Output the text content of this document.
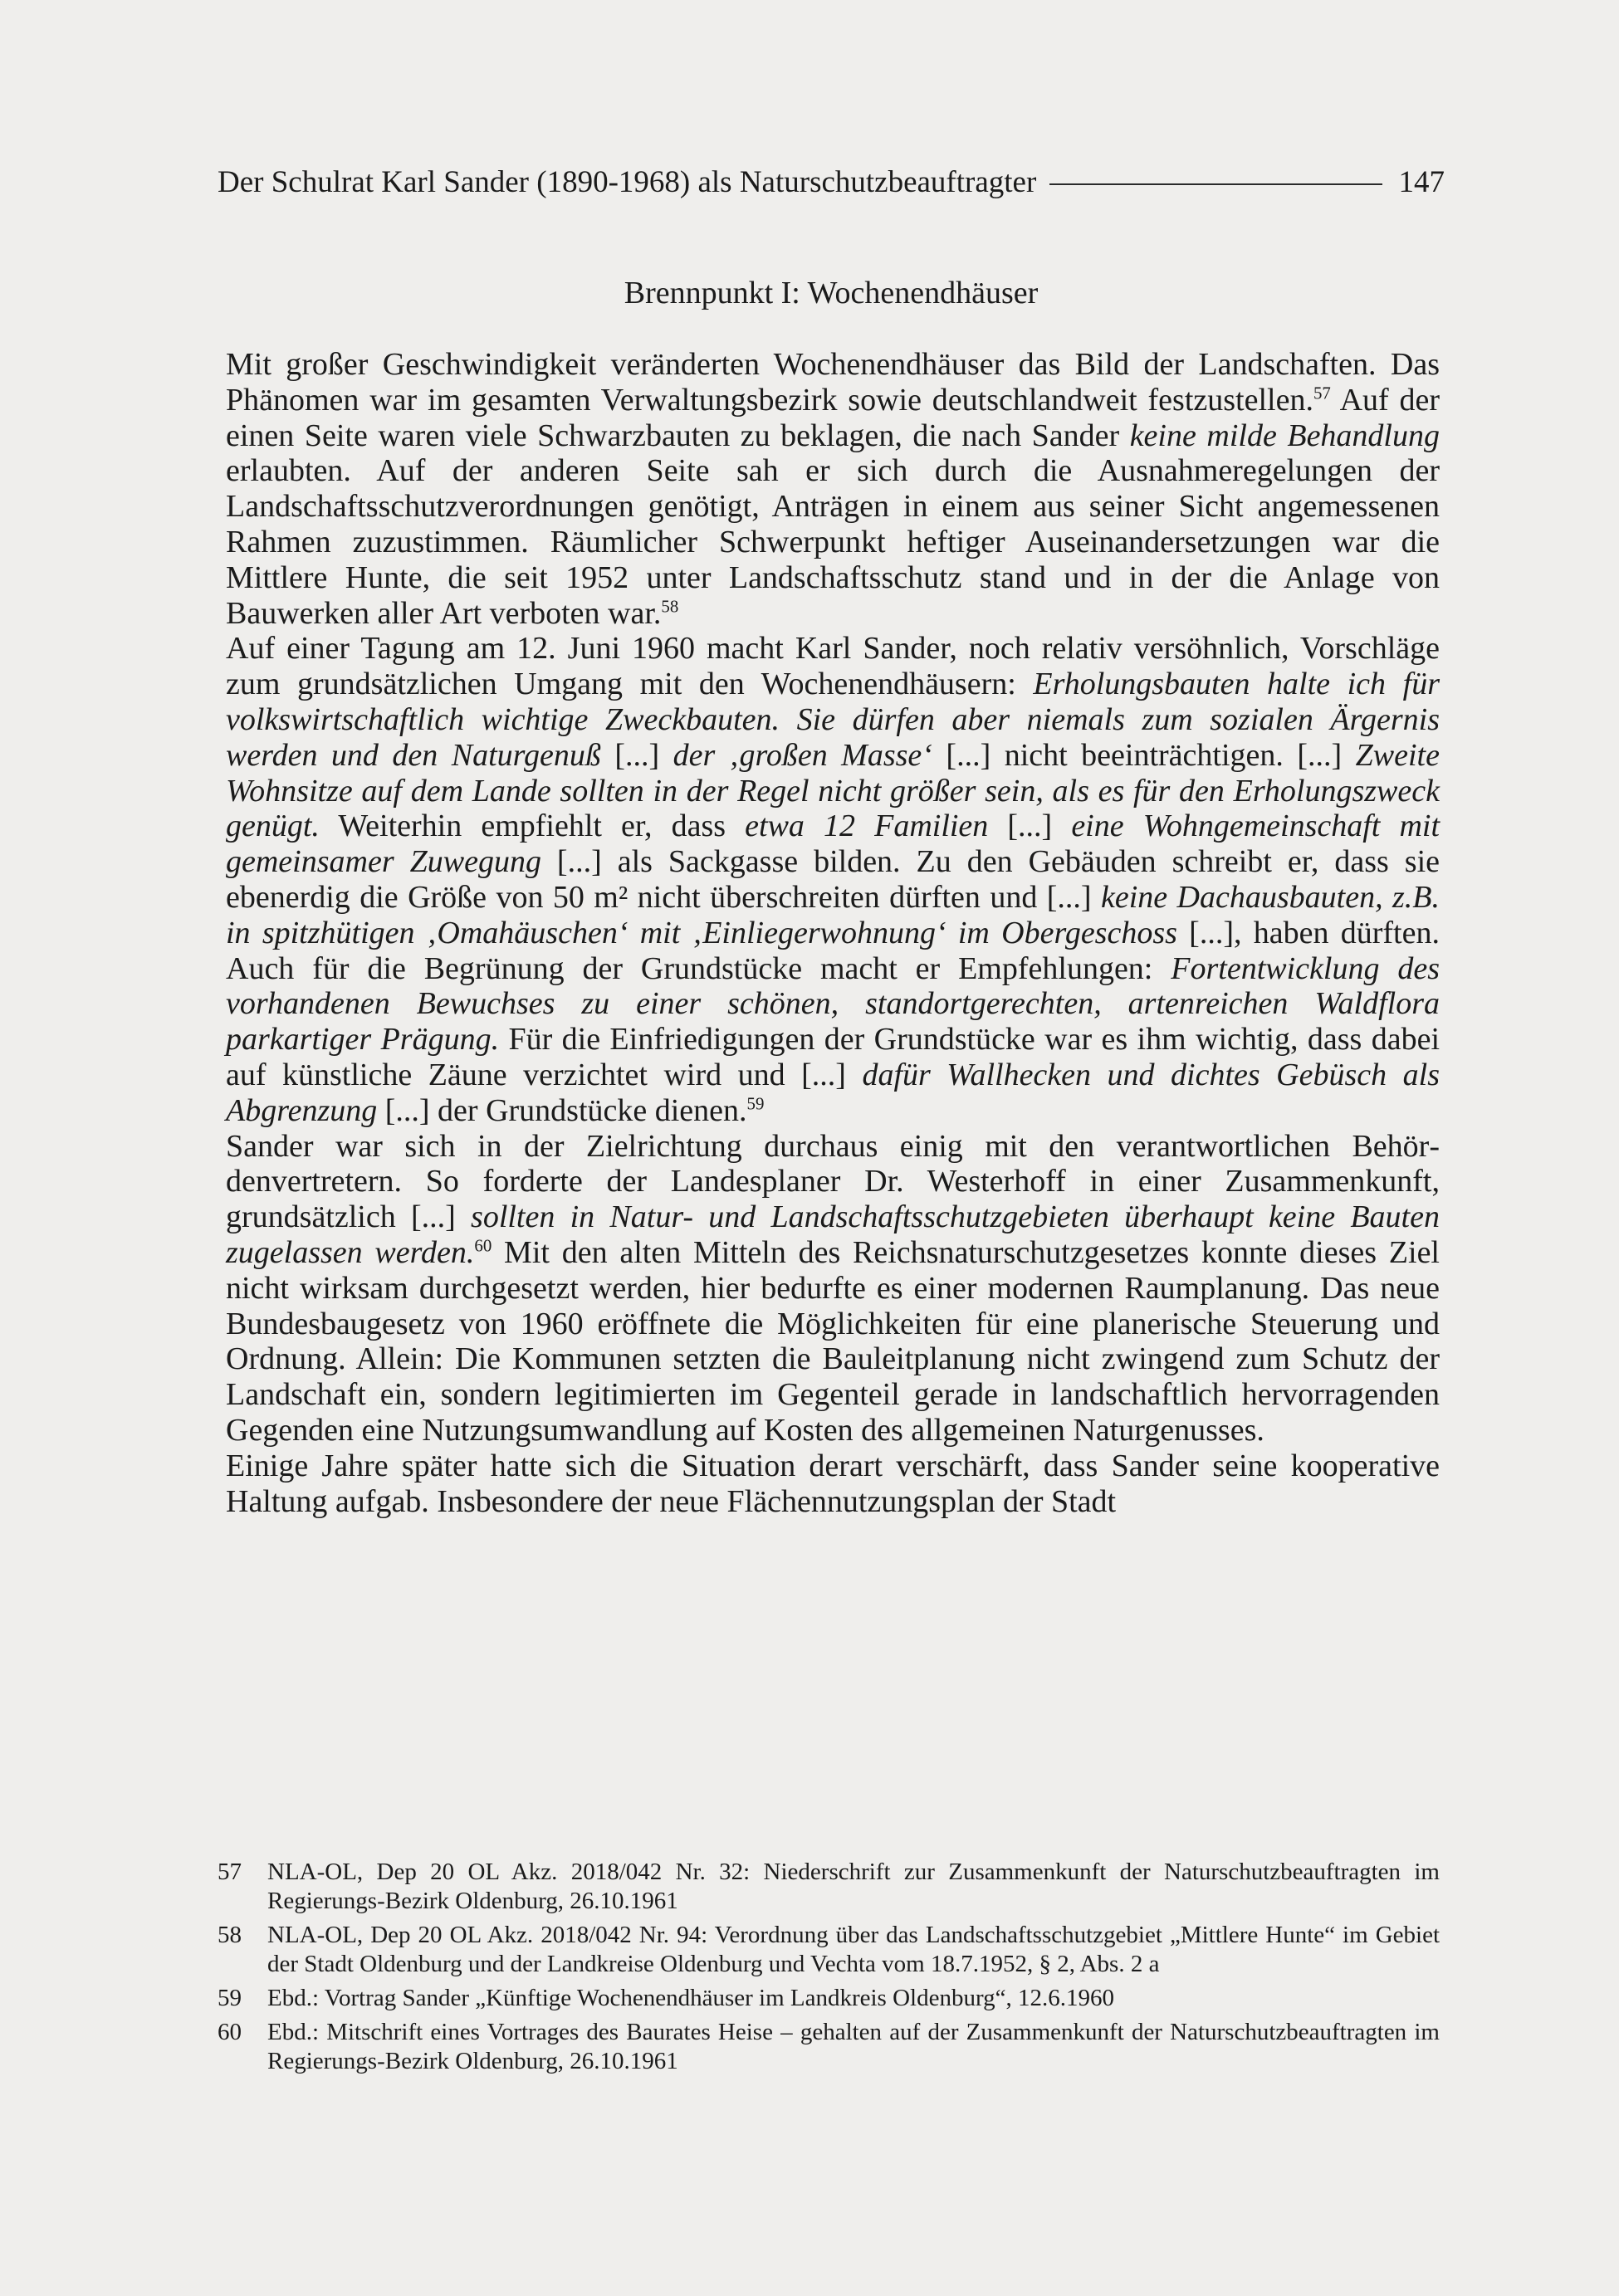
Der Schulrat Karl Sander (1890-1968) als Naturschutzbeauftragter	147
Brennpunkt I: Wochenendhäuser

Mit großer Geschwindigkeit veränderten Wochenendhäuser das Bild der Landschaften. Das Phänomen war im gesamten Verwaltungsbezirk sowie deutschlandweit festzustellen.$^{57}$ Auf der einen Seite waren viele Schwarzbauten zu beklagen, die nach Sander keine milde Behandlung erlaubten. Auf der anderen Seite sah er sich durch die Ausnahmeregelungen der Landschaftsschutzverordnungen genötigt, Anträgen in einem aus seiner Sicht angemessenen Rahmen zuzustimmen. Räumlicher Schwerpunkt heftiger Auseinandersetzungen war die Mittlere Hunte, die seit 1952 unter Landschaftsschutz stand und in der die Anlage von Bauwerken aller Art verboten war.$^{58}$

Auf einer Tagung am 12. Juni 1960 macht Karl Sander, noch relativ versöhnlich, Vorschläge zum grundsätzlichen Umgang mit den Wochenendhäusern: Erholungsbauten halte ich für volkswirtschaftlich wichtige Zweckbauten. Sie dürfen aber niemals zum sozialen Ärgernis werden und den Naturgenuß [...] der ‚großen Masse‘ [...] nicht beeinträchtigen. [...] Zweite Wohnsitze auf dem Lande sollten in der Regel nicht größer sein, als es für den Erholungszweck genügt. Weiterhin empfiehlt er, dass etwa 12 Familien [...] eine Wohngemeinschaft mit gemeinsamer Zuwegung [...] als Sackgasse bilden. Zu den Gebäuden schreibt er, dass sie ebenerdig die Größe von 50 m² nicht überschreiten dürften und [...] keine Dachausbauten, z.B. in spitzhütigen ‚Omahäuschen‘ mit ‚Einliegerwohnung‘ im Obergeschoss [...], haben dürften. Auch für die Begrünung der Grundstücke macht er Empfehlungen: Fortentwicklung des vorhandenen Bewuchses zu einer schönen, standortgerechten, artenreichen Waldflora parkartiger Prägung. Für die Einfriedigungen der Grundstücke war es ihm wichtig, dass dabei auf künstliche Zäune verzichtet wird und [...] dafür Wallhecken und dichtes Gebüsch als Abgrenzung [...] der Grundstücke dienen.$^{59}$

Sander war sich in der Zielrichtung durchaus einig mit den verantwortlichen Behördenvertretern. So forderte der Landesplaner Dr. Westerhoff in einer Zusammenkunft, grundsätzlich [...] sollten in Natur- und Landschaftsschutzgebieten überhaupt keine Bauten zugelassen werden.$^{60}$ Mit den alten Mitteln des Reichsnaturschutzgesetzes konnte dieses Ziel nicht wirksam durchgesetzt werden, hier bedurfte es einer modernen Raumplanung. Das neue Bundesbaugesetz von 1960 eröffnete die Möglichkeiten für eine planerische Steuerung und Ordnung. Allein: Die Kommunen setzten die Bauleitplanung nicht zwingend zum Schutz der Landschaft ein, sondern legitimierten im Gegenteil gerade in landschaftlich hervorragenden Gegenden eine Nutzungsumwandlung auf Kosten des allgemeinen Naturgenusses.

Einige Jahre später hatte sich die Situation derart verschärft, dass Sander seine kooperative Haltung aufgab. Insbesondere der neue Flächennutzungsplan der Stadt

57	NLA-OL, Dep 20 OL Akz. 2018/042 Nr. 32: Niederschrift zur Zusammenkunft der Naturschutzbeauftragten im Regierungs-Bezirk Oldenburg, 26.10.1961
58	NLA-OL, Dep 20 OL Akz. 2018/042 Nr. 94: Verordnung über das Landschaftsschutzgebiet „Mittlere Hunte“ im Gebiet der Stadt Oldenburg und der Landkreise Oldenburg und Vechta vom 18.7.1952, § 2, Abs. 2 a
59	Ebd.: Vortrag Sander „Künftige Wochenendhäuser im Landkreis Oldenburg“, 12.6.1960
60	Ebd.: Mitschrift eines Vortrages des Baurates Heise – gehalten auf der Zusammenkunft der Naturschutzbeauftragten im Regierungs-Bezirk Oldenburg, 26.10.1961
